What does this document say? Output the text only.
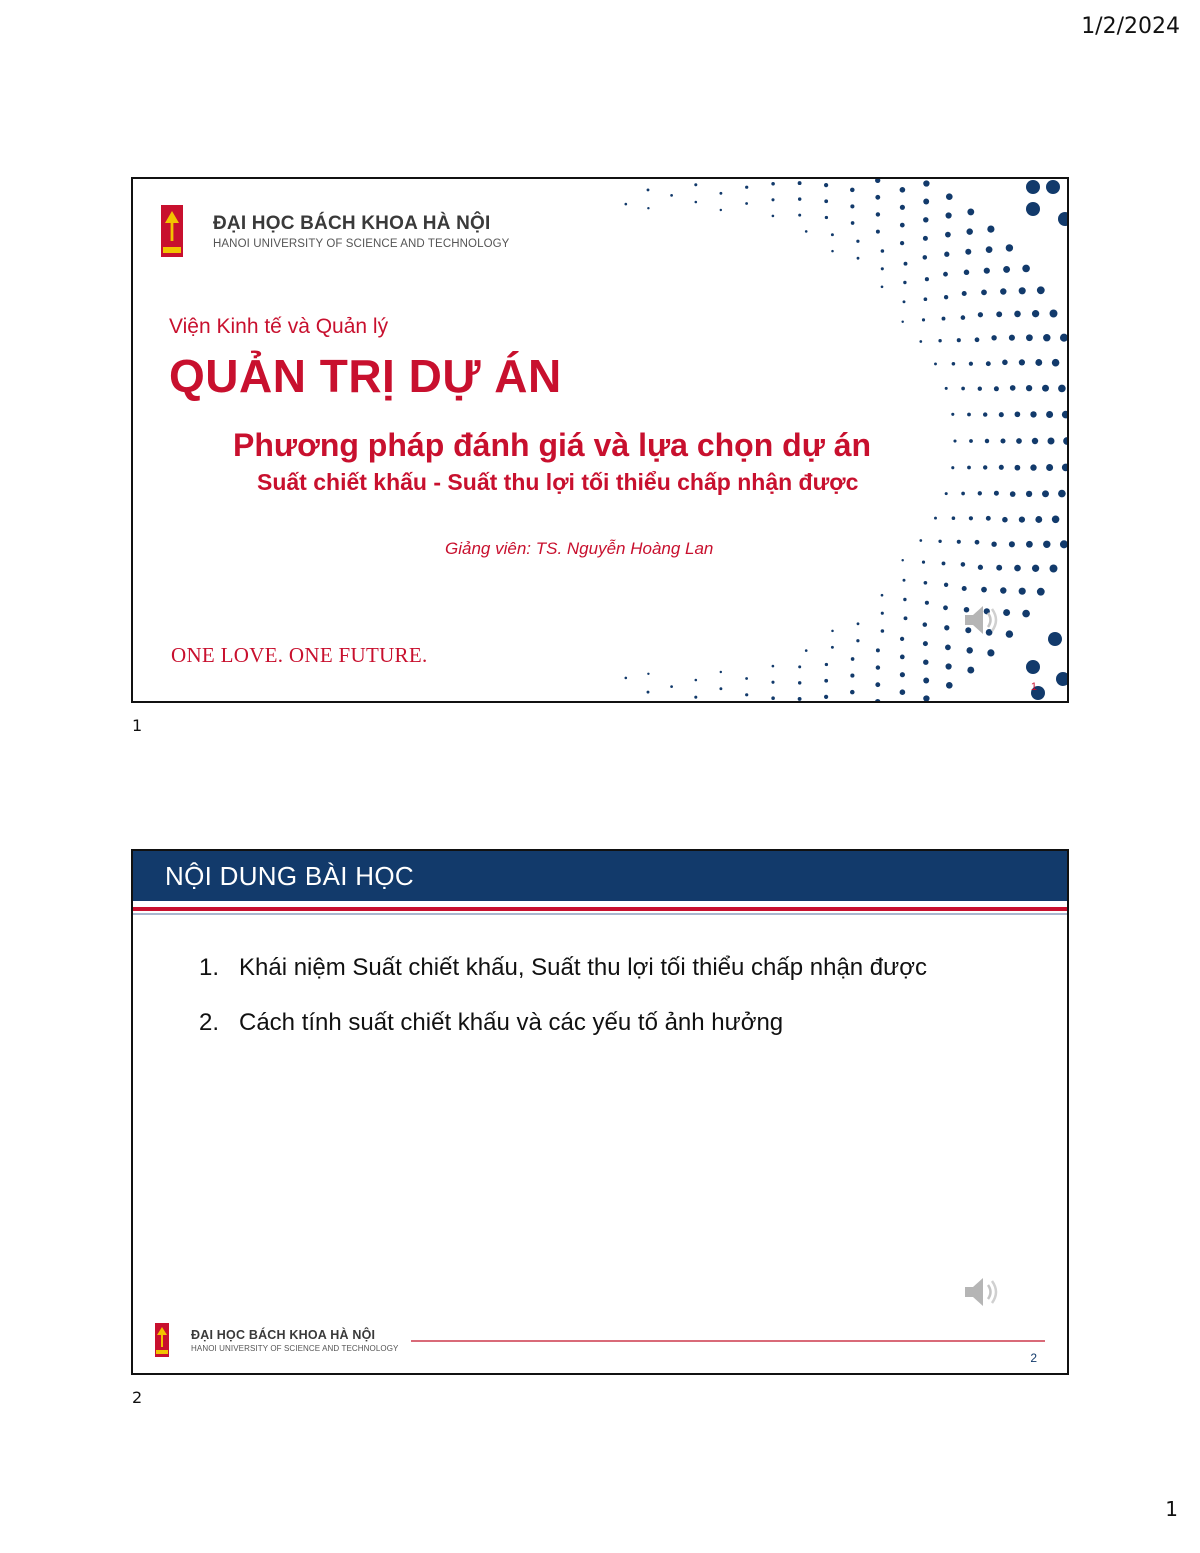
1/2/2024
ĐẠI HỌC BÁCH KHOA HÀ NỘI
HANOI UNIVERSITY OF SCIENCE AND TECHNOLOGY
Viện Kinh tế và Quản lý
QUẢN TRỊ DỰ ÁN
Phương pháp đánh giá và lựa chọn dự án
Suất chiết khấu - Suất thu lợi tối thiểu chấp nhận được
Giảng viên: TS. Nguyễn Hoàng Lan
ONE LOVE. ONE FUTURE.
1
1
NỘI DUNG BÀI HỌC
1. Khái niệm Suất chiết khấu, Suất thu lợi tối thiểu chấp nhận được
2. Cách tính suất chiết khấu và các yếu tố ảnh hưởng
ĐẠI HỌC BÁCH KHOA HÀ NỘI
HANOI UNIVERSITY OF SCIENCE AND TECHNOLOGY
2
2
1
